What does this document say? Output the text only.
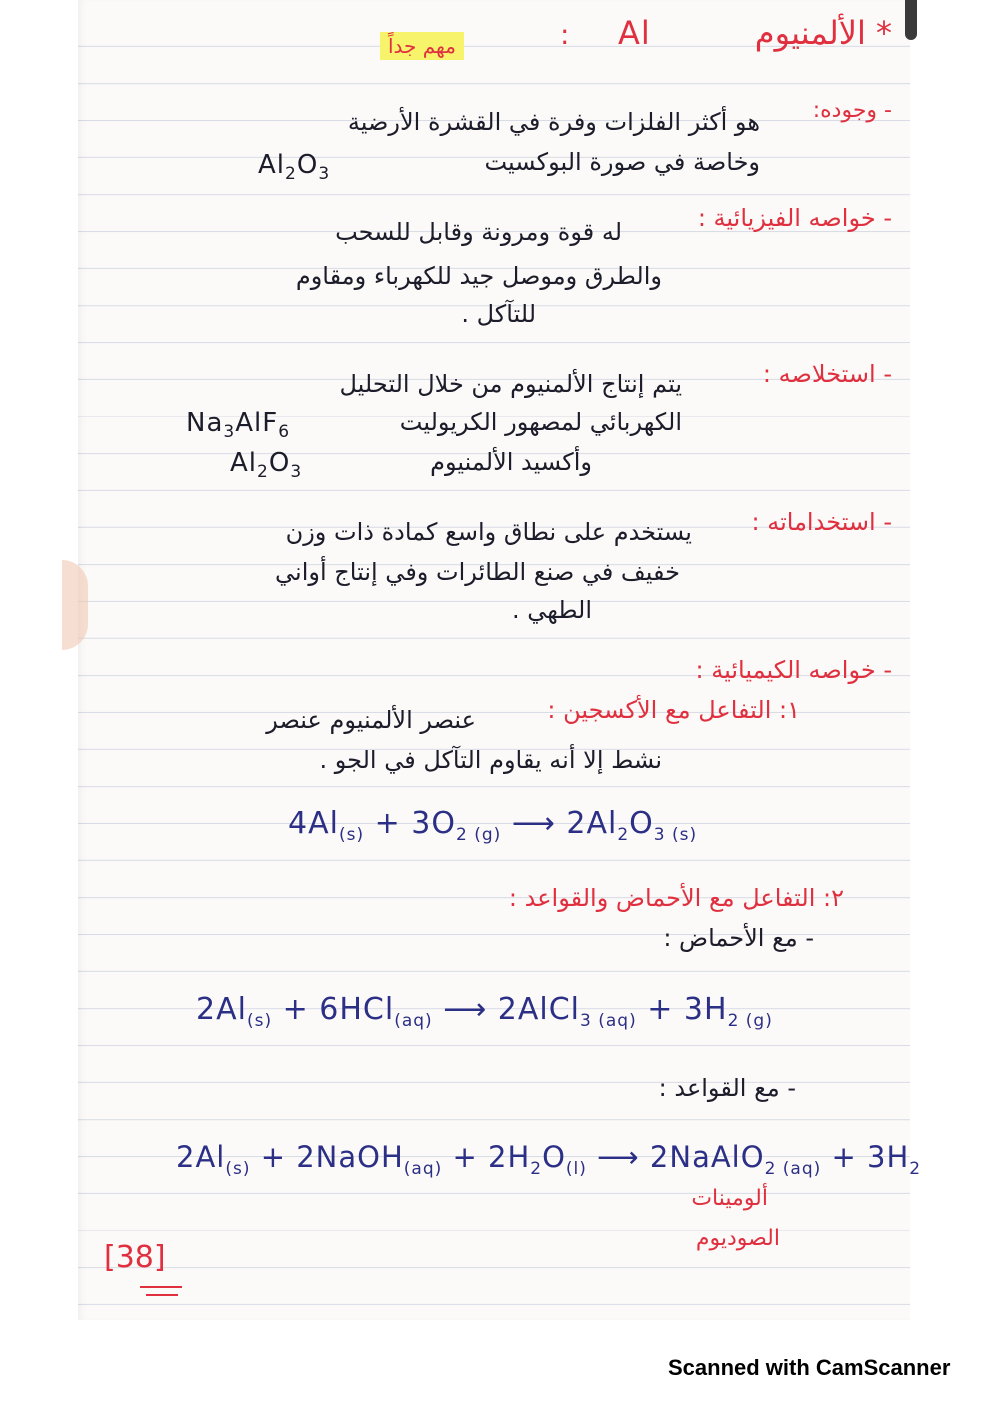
* الألمنيوم
Al
:
مهم جداً
- وجوده:
هو أكثر الفلزات وفرة في القشرة الأرضية
وخاصة في صورة البوكسيت
$Al_2O_3$
- خواصه الفيزيائية :
له قوة ومرونة وقابل للسحب
والطرق وموصل جيد للكهرباء ومقاوم
للتآكل .
- استخلاصه :
يتم إنتاج الألمنيوم من خلال التحليل
الكهربائي لمصهور الكريوليت
$Na_3AlF_6$
وأكسيد الألمنيوم
$Al_2O_3$
- استخداماته :
يستخدم على نطاق واسع كمادة ذات وزن
خفيف في صنع الطائرات وفي إنتاج أواني
الطهي .
- خواصه الكيميائية :
١: التفاعل مع الأكسجين :
عنصر الألمنيوم عنصر
نشط إلا أنه يقاوم التآكل في الجو .
$4Al_{(s)} + 3O_{2 (g)}$ ⟶ $2Al_2O_{3 (s)}$
٢: التفاعل مع الأحماض والقواعد :
- مع الأحماض :
$2Al_{(s)} + 6HCl_{(aq)}$ ⟶ 2AlCl$_{3 (aq)}$ + $3H_{2 (g)}$
- مع القواعد :
$2Al_{(s)}$ + 2NaOH$_{(aq)}$ + $2H_2O_{(l)}$ ⟶ 2NaAlO$_{2 (aq)}$ + $3H_2$
ألومينات
الصوديوم
[38]
Scanned with CamScanner
